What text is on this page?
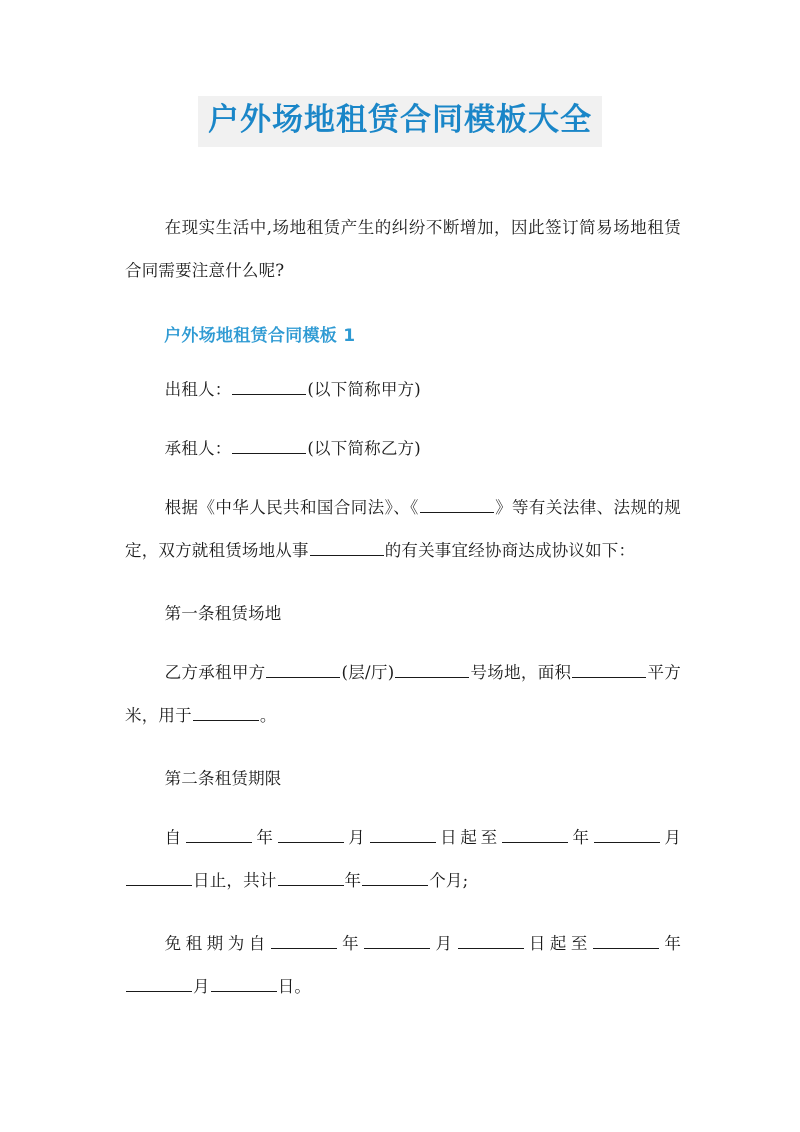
户外场地租赁合同模板大全

在现实生活中,场地租赁产生的纠纷不断增加，因此签订简易场地租赁合同需要注意什么呢?

户外场地租赁合同模板 1

出租人：	(以下简称甲方)

承租人：	(以下简称乙方)

根据《中华人民共和国合同法》、《	》等有关法律、法规的规定，双方就租赁场地从事	的有关事宜经协商达成协议如下：

第一条租赁场地

乙方承租甲方	(层/厅)	号场地，面积	平方米，用于	。

第二条租赁期限

自	年	月	日起至	年	月日止，共计	年	个月;

免租期为自	年	月	日起至	年月	日。
